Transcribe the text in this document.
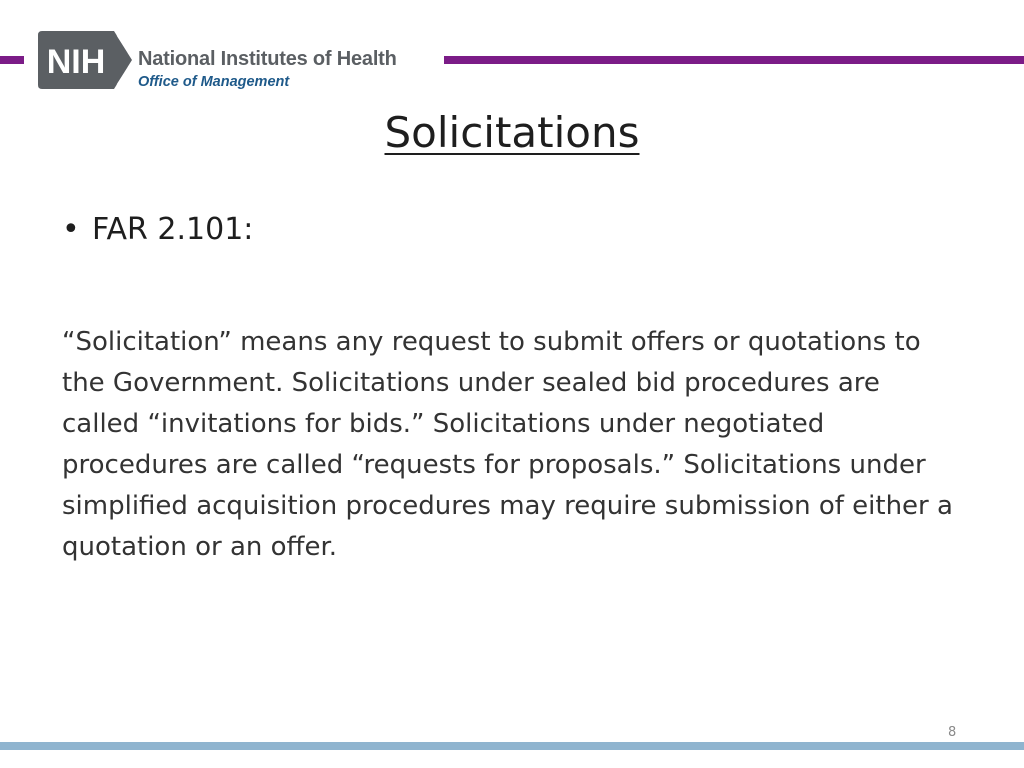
NIH National Institutes of Health
Office of Management
Solicitations
• FAR 2.101:

“Solicitation” means any request to submit offers or quotations to the Government. Solicitations under sealed bid procedures are called “invitations for bids.” Solicitations under negotiated procedures are called “requests for proposals.” Solicitations under simplified acquisition procedures may require submission of either a quotation or an offer.

8
